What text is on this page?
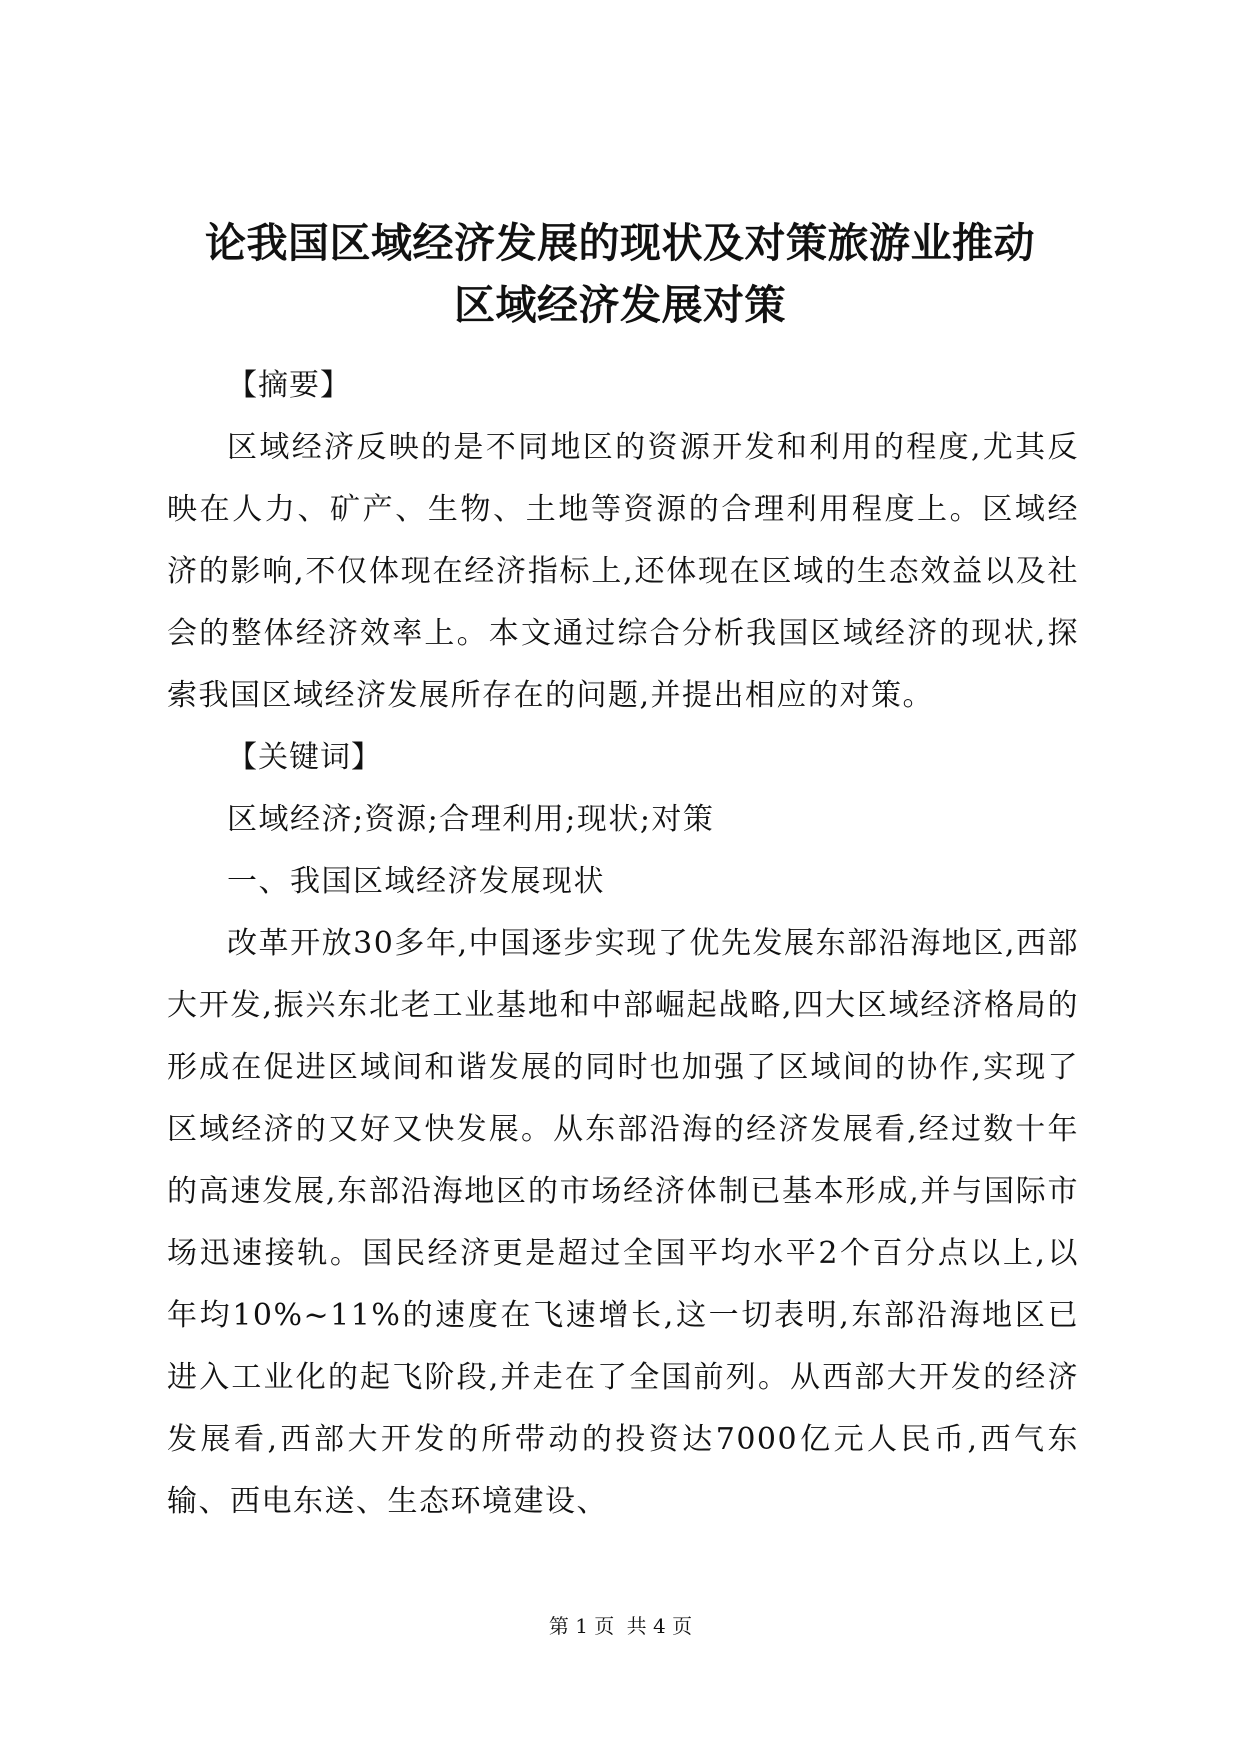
论我国区域经济发展的现状及对策旅游业推动
区域经济发展对策

【摘要】

区域经济反映的是不同地区的资源开发和利用的程度,尤其反映在人力、矿产、生物、土地等资源的合理利用程度上。区域经济的影响,不仅体现在经济指标上,还体现在区域的生态效益以及社会的整体经济效率上。本文通过综合分析我国区域经济的现状,探索我国区域经济发展所存在的问题,并提出相应的对策。

【关键词】

区域经济;资源;合理利用;现状;对策

一、我国区域经济发展现状

改革开放30多年,中国逐步实现了优先发展东部沿海地区,西部大开发,振兴东北老工业基地和中部崛起战略,四大区域经济格局的形成在促进区域间和谐发展的同时也加强了区域间的协作,实现了区域经济的又好又快发展。从东部沿海的经济发展看,经过数十年的高速发展,东部沿海地区的市场经济体制已基本形成,并与国际市场迅速接轨。国民经济更是超过全国平均水平2个百分点以上,以年均10%~11%的速度在飞速增长,这一切表明,东部沿海地区已进入工业化的起飞阶段,并走在了全国前列。从西部大开发的经济发展看,西部大开发的所带动的投资达7000亿元人民币,西气东输、西电东送、生态环境建设、

第 1 页 共 4 页
